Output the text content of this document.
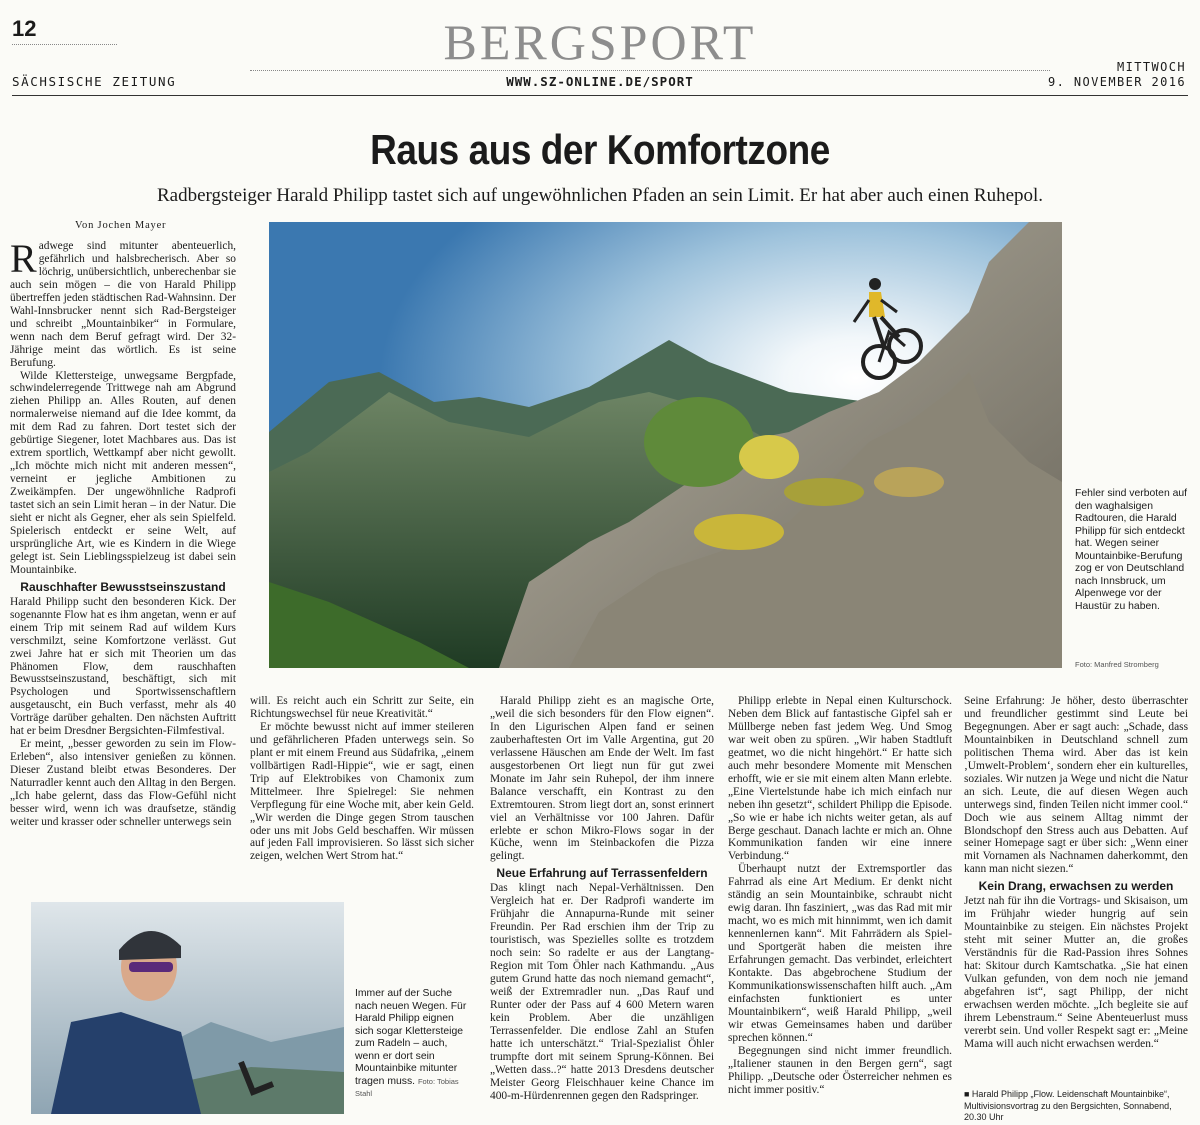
12	BERGSPORT
SÄCHSISCHE ZEITUNG	WWW.SZ-ONLINE.DE/SPORT
MITTWOCH
9. NOVEMBER 2016
Raus aus der Komfortzone
Radbergsteiger Harald Philipp tastet sich auf ungewöhnlichen Pfaden an sein Limit. Er hat aber auch einen Ruhepol.
Von Jochen Mayer

Radwege sind mitunter abenteuerlich, gefährlich und halsbrecherisch. Aber so löchrig, unübersichtlich, unberechenbar sie auch sein mögen – die von Harald Philipp übertreffen jeden städtischen Rad-Wahnsinn. Der Wahl-Innsbrucker nennt sich Rad-Bergsteiger und schreibt „Mountainbiker“ in Formulare, wenn nach dem Beruf gefragt wird. Der 32-Jährige meint das wörtlich. Es ist seine Berufung.

Wilde Klettersteige, unwegsame Bergpfade, schwindelerregende Trittwege nah am Abgrund ziehen Philipp an. Alles Routen, auf denen normalerweise niemand auf die Idee kommt, da mit dem Rad zu fahren. Dort testet sich der gebürtige Siegener, lotet Machbares aus. Das ist extrem sportlich, Wettkampf aber nicht gewollt. „Ich möchte mich nicht mit anderen messen“, verneint er jegliche Ambitionen zu Zweikämpfen. Der ungewöhnliche Radprofi tastet sich an sein Limit heran – in der Natur. Die sieht er nicht als Gegner, eher als sein Spielfeld. Spielerisch entdeckt er seine Welt, auf ursprüngliche Art, wie es Kindern in die Wiege gelegt ist. Sein Lieblingsspielzeug ist dabei sein Mountainbike.

Rauschhafter Bewusstseinszustand

Harald Philipp sucht den besonderen Kick. Der sogenannte Flow hat es ihm angetan, wenn er auf einem Trip mit seinem Rad auf wildem Kurs verschmilzt, seine Komfortzone verlässt. Gut zwei Jahre hat er sich mit Theorien um das Phänomen Flow, dem rauschhaften Bewusstseinszustand, beschäftigt, sich mit Psychologen und Sportwissenschaftlern ausgetauscht, ein Buch verfasst, mehr als 40 Vorträge darüber gehalten. Den nächsten Auftritt hat er beim Dresdner Bergsichten-Filmfestival.

Er meint, „besser geworden zu sein im Flow-Erleben“, also intensiver genießen zu können. Dieser Zustand bleibt etwas Besonderes. Der Naturradler kennt auch den Alltag in den Bergen. „Ich habe gelernt, dass das Flow-Gefühl nicht besser wird, wenn ich was draufsetze, ständig weiter und krasser oder schneller unterwegs sein

Fehler sind verboten auf den waghalsigen Radtouren, die Harald Philipp für sich entdeckt hat. Wegen seiner Mountainbike-Berufung zog er von Deutschland nach Innsbruck, um Alpenwege vor der Haustür zu haben.
Foto: Manfred Stromberg

will. Es reicht auch ein Schritt zur Seite, ein Richtungswechsel für neue Kreativität.“

Er möchte bewusst nicht auf immer steileren und gefährlicheren Pfaden unterwegs sein. So plant er mit einem Freund aus Südafrika, „einem vollbärtigen Radl-Hippie“, wie er sagt, einen Trip auf Elektrobikes von Chamonix zum Mittelmeer. Ihre Spielregel: Sie nehmen Verpflegung für eine Woche mit, aber kein Geld. „Wir werden die Dinge gegen Strom tauschen oder uns mit Jobs Geld beschaffen. Wir müssen auf jeden Fall improvisieren. So lässt sich sicher zeigen, welchen Wert Strom hat.“

Harald Philipp zieht es an magische Orte, „weil die sich besonders für den Flow eignen“. In den Ligurischen Alpen fand er seinen zauberhaftesten Ort im Valle Argentina, gut 20 verlassene Häuschen am Ende der Welt. Im fast ausgestorbenen Ort liegt nun für gut zwei Monate im Jahr sein Ruhepol, der ihm innere Balance verschafft, ein Kontrast zu den Extremtouren. Strom liegt dort an, sonst erinnert viel an Verhältnisse vor 100 Jahren. Dafür erlebte er schon Mikro-Flows sogar in der Küche, wenn im Steinbackofen die Pizza gelingt.

Neue Erfahrung auf Terrassenfeldern

Das klingt nach Nepal-Verhältnissen. Den Vergleich hat er. Der Radprofi wanderte im Frühjahr die Annapurna-Runde mit seiner Freundin. Per Rad erschien ihm der Trip zu touristisch, was Spezielles sollte es trotzdem noch sein: So radelte er aus der Langtang-Region mit Tom Öhler nach Kathmandu. „Aus gutem Grund hatte das noch niemand gemacht“, weiß der Extremradler nun. „Das Rauf und Runter oder der Pass auf 4 600 Metern waren kein Problem. Aber die unzähligen Terrassenfelder. Die endlose Zahl an Stufen hatte ich unterschätzt.“ Trial-Spezialist Öhler trumpfte dort mit seinem Sprung-Können. Bei „Wetten dass..?“ hatte 2013 Dresdens deutscher Meister Georg Fleischhauer keine Chance im 400-m-Hürdenrennen gegen den Radspringer.

Philipp erlebte in Nepal einen Kulturschock. Neben dem Blick auf fantastische Gipfel sah er Müllberge neben fast jedem Weg. Und Smog war weit oben zu spüren. „Wir haben Stadtluft geatmet, wo die nicht hingehört.“ Er hatte sich auch mehr besondere Momente mit Menschen erhofft, wie er sie mit einem alten Mann erlebte. „Eine Viertelstunde habe ich mich einfach nur neben ihn gesetzt“, schildert Philipp die Episode. „So wie er habe ich nichts weiter getan, als auf Berge geschaut. Danach lachte er mich an. Ohne Kommunikation fanden wir eine innere Verbindung.“

Überhaupt nutzt der Extremsportler das Fahrrad als eine Art Medium. Er denkt nicht ständig an sein Mountainbike, schraubt nicht ewig daran. Ihn fasziniert, „was das Rad mit mir macht, wo es mich mit hinnimmt, wen ich damit kennenlernen kann“. Mit Fahrrädern als Spiel- und Sportgerät haben die meisten ihre Erfahrungen gemacht. Das verbindet, erleichtert Kontakte. Das abgebrochene Studium der Kommunikationswissenschaften hilft auch. „Am einfachsten funktioniert es unter Mountainbikern“, weiß Harald Philipp, „weil wir etwas Gemeinsames haben und darüber sprechen können.“

Begegnungen sind nicht immer freundlich. „Italiener staunen in den Bergen gern“, sagt Philipp. „Deutsche oder Österreicher nehmen es nicht immer positiv.“

Seine Erfahrung: Je höher, desto überraschter und freundlicher gestimmt sind Leute bei Begegnungen. Aber er sagt auch: „Schade, dass Mountainbiken in Deutschland schnell zum politischen Thema wird. Aber das ist kein ‚Umwelt-Problem‘, sondern eher ein kulturelles, soziales. Wir nutzen ja Wege und nicht die Natur an sich. Leute, die auf diesen Wegen auch unterwegs sind, finden Teilen nicht immer cool.“ Doch wie aus seinem Alltag nimmt der Blondschopf den Stress auch aus Debatten. Auf seiner Homepage sagt er über sich: „Wenn einer mit Vornamen als Nachnamen daherkommt, den kann man nicht siezen.“

Kein Drang, erwachsen zu werden

Jetzt nah für ihn die Vortrags- und Skisaison, um im Frühjahr wieder hungrig auf sein Mountainbike zu steigen. Ein nächstes Projekt steht mit seiner Mutter an, die großes Verständnis für die Rad-Passion ihres Sohnes hat: Skitour durch Kamtschatka. „Sie hat einen Vulkan gefunden, von dem noch nie jemand abgefahren ist“, sagt Philipp, der nicht erwachsen werden möchte. „Ich begleite sie auf ihrem Lebenstraum.“ Seine Abenteuerlust muss vererbt sein. Und voller Respekt sagt er: „Meine Mama will auch nicht erwachsen werden.“

■ Harald Philipp „Flow. Leidenschaft Mountainbike“, Multivisionsvortrag zu den Bergsichten, Sonnabend, 20.30 Uhr
Immer auf der Suche nach neuen Wegen. Für Harald Philipp eignen sich sogar Klettersteige zum Radeln – auch, wenn er dort sein Mountainbike mitunter tragen muss. Foto: Tobias Stahl
